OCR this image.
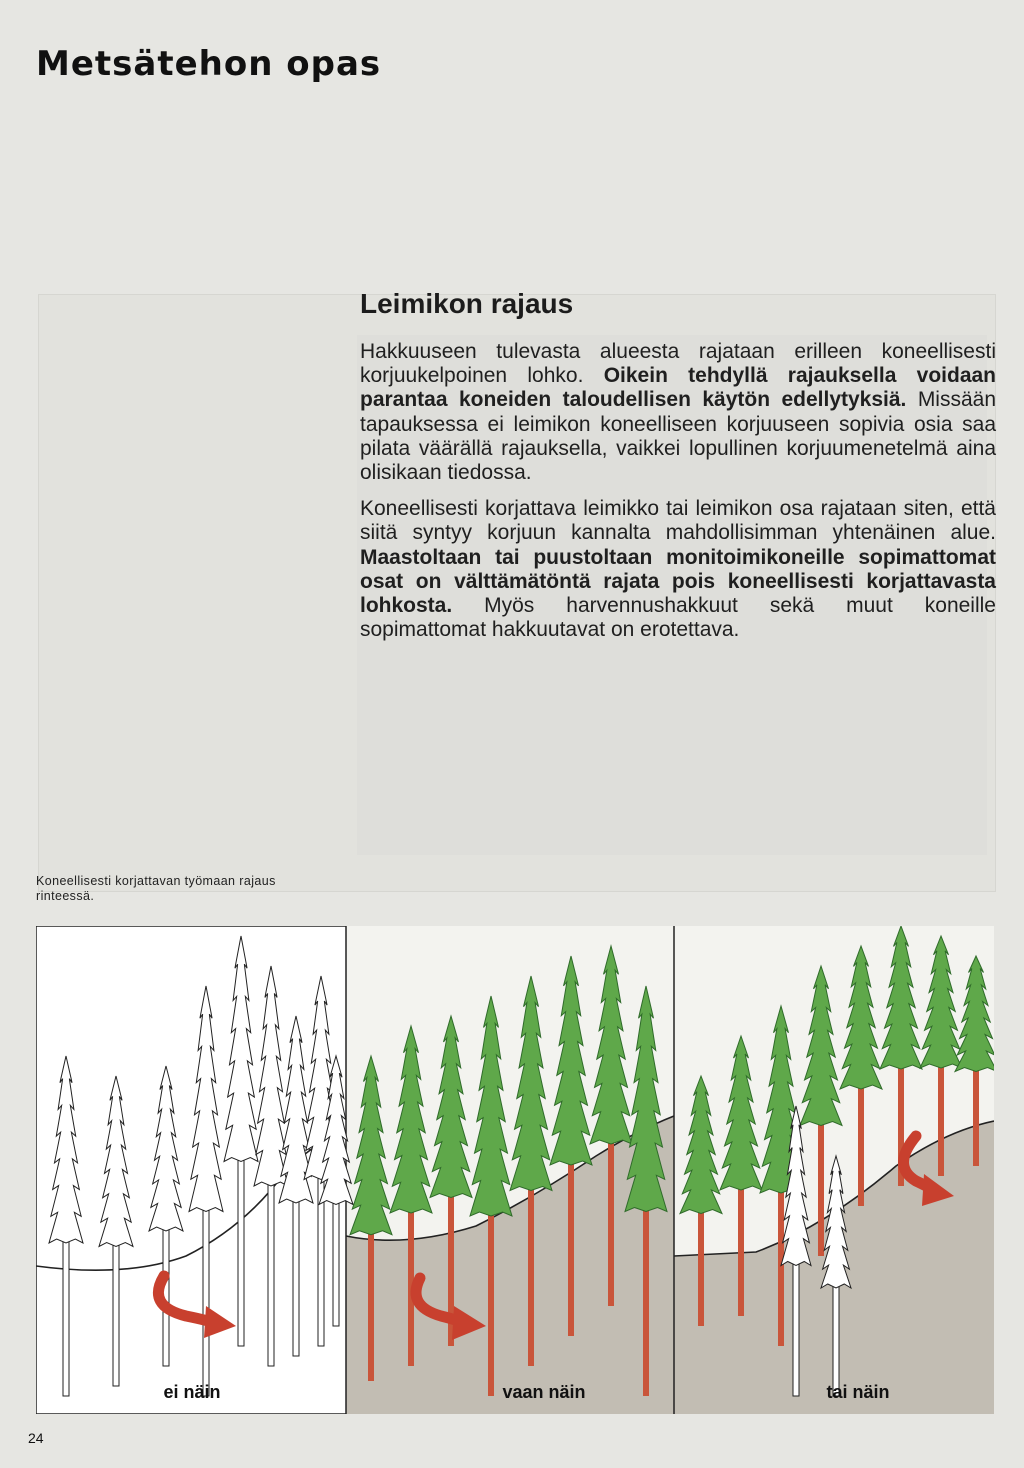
Metsätehon opas
Leimikon rajaus

Hakkuuseen tulevasta alueesta rajataan erilleen koneellisesti korjuukelpoinen lohko. Oikein tehdyllä rajauksella voidaan parantaa koneiden taloudellisen käytön edellytyksiä. Missään tapauksessa ei leimikon koneelliseen korjuuseen sopivia osia saa pilata väärällä rajauksella, vaikkei lopullinen korjuumenetelmä aina olisikaan tiedossa.

Koneellisesti korjattava leimikko tai leimikon osa rajataan siten, että siitä syntyy korjuun kannalta mahdollisimman yhtenäinen alue. Maastoltaan tai puustoltaan monitoimikoneille sopimattomat osat on välttämätöntä rajata pois koneellisesti korjattavasta lohkosta. Myös harvennushakkuut sekä muut koneille sopimattomat hakkuutavat on erotettava.

Koneellisesti korjattavan työmaan rajaus rinteessä.
ei näin	vaan näin	tai näin
24
